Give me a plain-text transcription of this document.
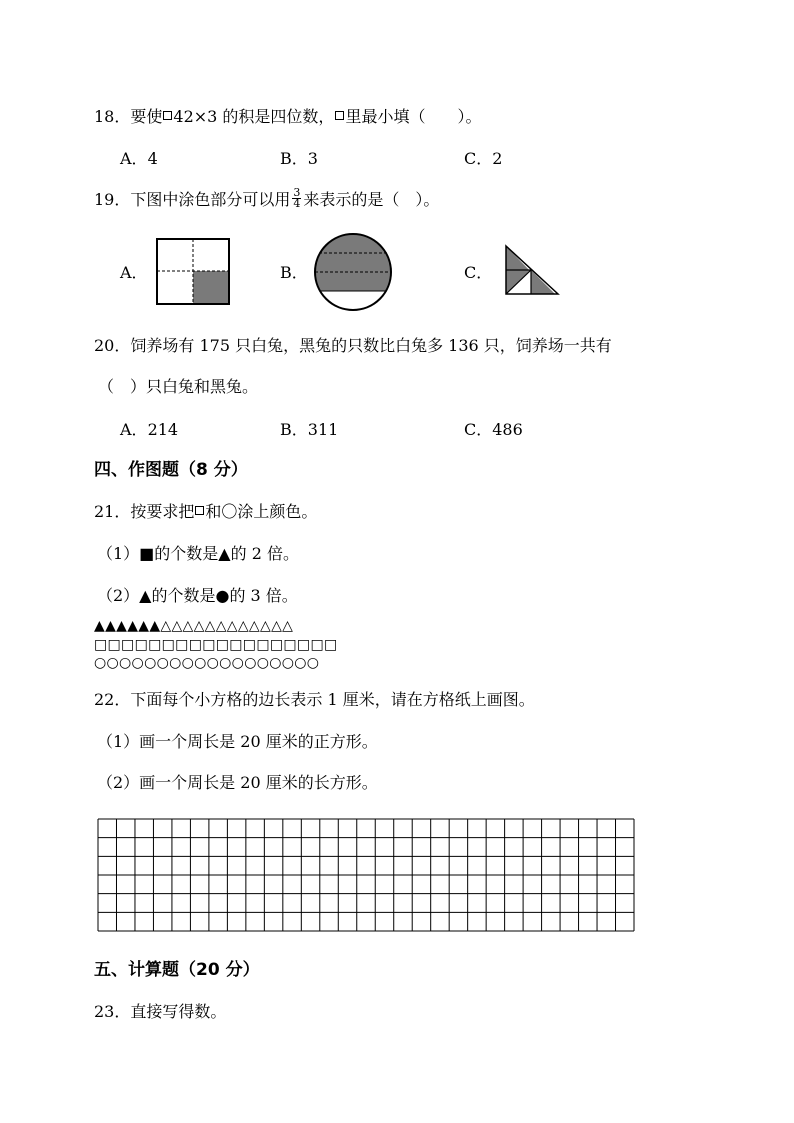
18．要使 42×3 的积是四位数， 里最小填（　　）。
A．4	B．3	C．2
19．下图中涂色部分可以用 $\frac{3}{4}$ 来表示的是（　）。
A．	B．	C．
20．饲养场有 175 只白兔，黑兔的只数比白兔多 136 只，饲养场一共有
（　）只白兔和黑兔。
A．214	B．311	C．486
四、作图题（8 分）
21．按要求把 和〇涂上颜色。
（1）■的个数是▲的 2 倍。
（2）▲的个数是●的 3 倍。
▲▲▲▲▲▲△△△△△△△△△△△△
□□□□□□□□□□□□□□□□□□
○○○○○○○○○○○○○○○○○○
22．下面每个小方格的边长表示 1 厘米，请在方格纸上画图。
（1）画一个周长是 20 厘米的正方形。
（2）画一个周长是 20 厘米的长方形。
五、计算题（20 分）
23．直接写得数。
